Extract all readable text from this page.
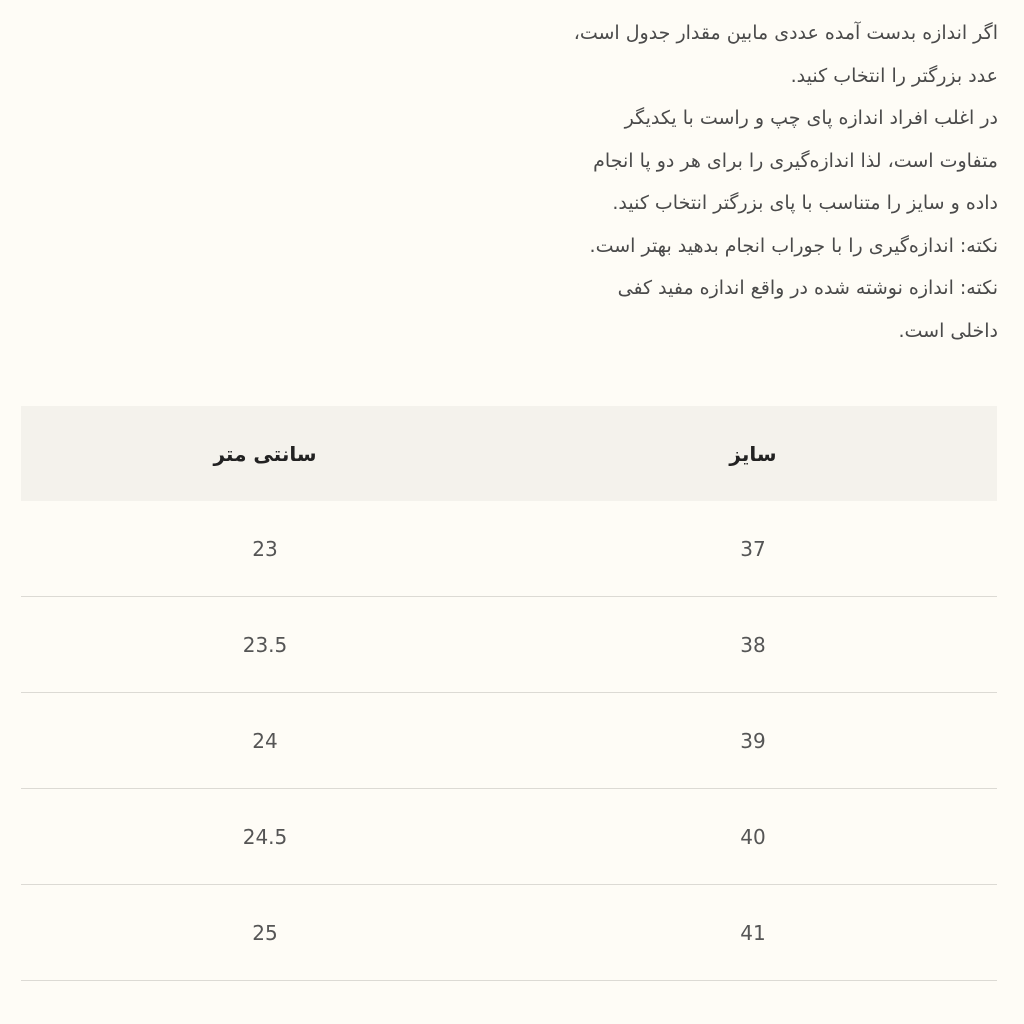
اگر اندازه بدست آمده عددی مابین مقدار جدول است،
عدد بزرگتر را انتخاب کنید.
در اغلب افراد اندازه پای چپ و راست با یکدیگر
متفاوت است، لذا اندازه‌گیری را برای هر دو پا انجام
داده و سایز را متناسب با پای بزرگتر انتخاب کنید.
نکته: اندازه‌گیری را با جوراب انجام بدهید بهتر است.
نکته: اندازه نوشته شده در واقع اندازه مفید کفی
داخلی است.

سایز	سانتی متر
37	23
38	23.5
39	24
40	24.5
41	25
